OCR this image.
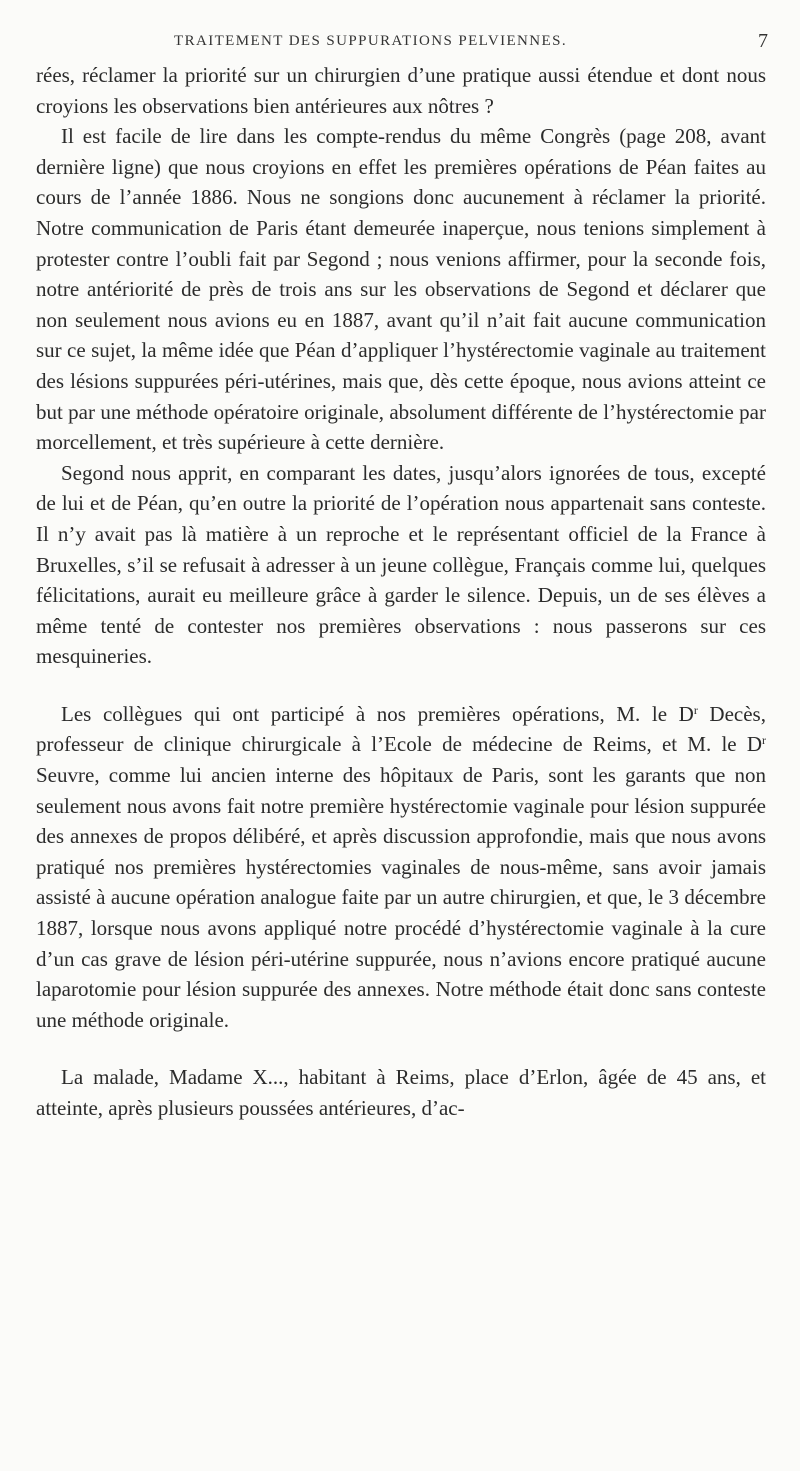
TRAITEMENT DES SUPPURATIONS PELVIENNES.	7

rées, réclamer la priorité sur un chirurgien d’une pratique aussi étendue et dont nous croyions les observations bien antérieures aux nôtres ?

Il est facile de lire dans les compte-rendus du même Congrès (page 208, avant dernière ligne) que nous croyions en effet les premières opérations de Péan faites au cours de l’année 1886. Nous ne songions donc aucunement à réclamer la priorité. Notre communication de Paris étant demeurée inaperçue, nous tenions simplement à protester contre l’oubli fait par Segond ; nous venions affirmer, pour la seconde fois, notre antériorité de près de trois ans sur les observations de Segond et déclarer que non seulement nous avions eu en 1887, avant qu’il n’ait fait aucune communication sur ce sujet, la même idée que Péan d’appliquer l’hystérectomie vaginale au traitement des lésions suppurées péri-utérines, mais que, dès cette époque, nous avions atteint ce but par une méthode opératoire originale, absolument différente de l’hystérectomie par morcellement, et très supérieure à cette dernière.

Segond nous apprit, en comparant les dates, jusqu’alors ignorées de tous, excepté de lui et de Péan, qu’en outre la priorité de l’opération nous appartenait sans conteste. Il n’y avait pas là matière à un reproche et le représentant officiel de la France à Bruxelles, s’il se refusait à adresser à un jeune collègue, Français comme lui, quelques félicitations, aurait eu meilleure grâce à garder le silence. Depuis, un de ses élèves a même tenté de contester nos premières observations : nous passerons sur ces mesquineries.

Les collègues qui ont participé à nos premières opérations, M. le $D^r$ Decès, professeur de clinique chirurgicale à l’Ecole de médecine de Reims, et M. le $D^r$ Seuvre, comme lui ancien interne des hôpitaux de Paris, sont les garants que non seulement nous avons fait notre première hystérectomie vaginale pour lésion suppurée des annexes de propos délibéré, et après discussion approfondie, mais que nous avons pratiqué nos premières hystérectomies vaginales de nous-même, sans avoir jamais assisté à aucune opération analogue faite par un autre chirurgien, et que, le 3 décembre 1887, lorsque nous avons appliqué notre procédé d’hystérectomie vaginale à la cure d’un cas grave de lésion péri-utérine suppurée, nous n’avions encore pratiqué aucune laparotomie pour lésion suppurée des annexes. Notre méthode était donc sans conteste une méthode originale.

La malade, Madame X..., habitant à Reims, place d’Erlon, âgée de 45 ans, et atteinte, après plusieurs poussées antérieures, d’ac-
